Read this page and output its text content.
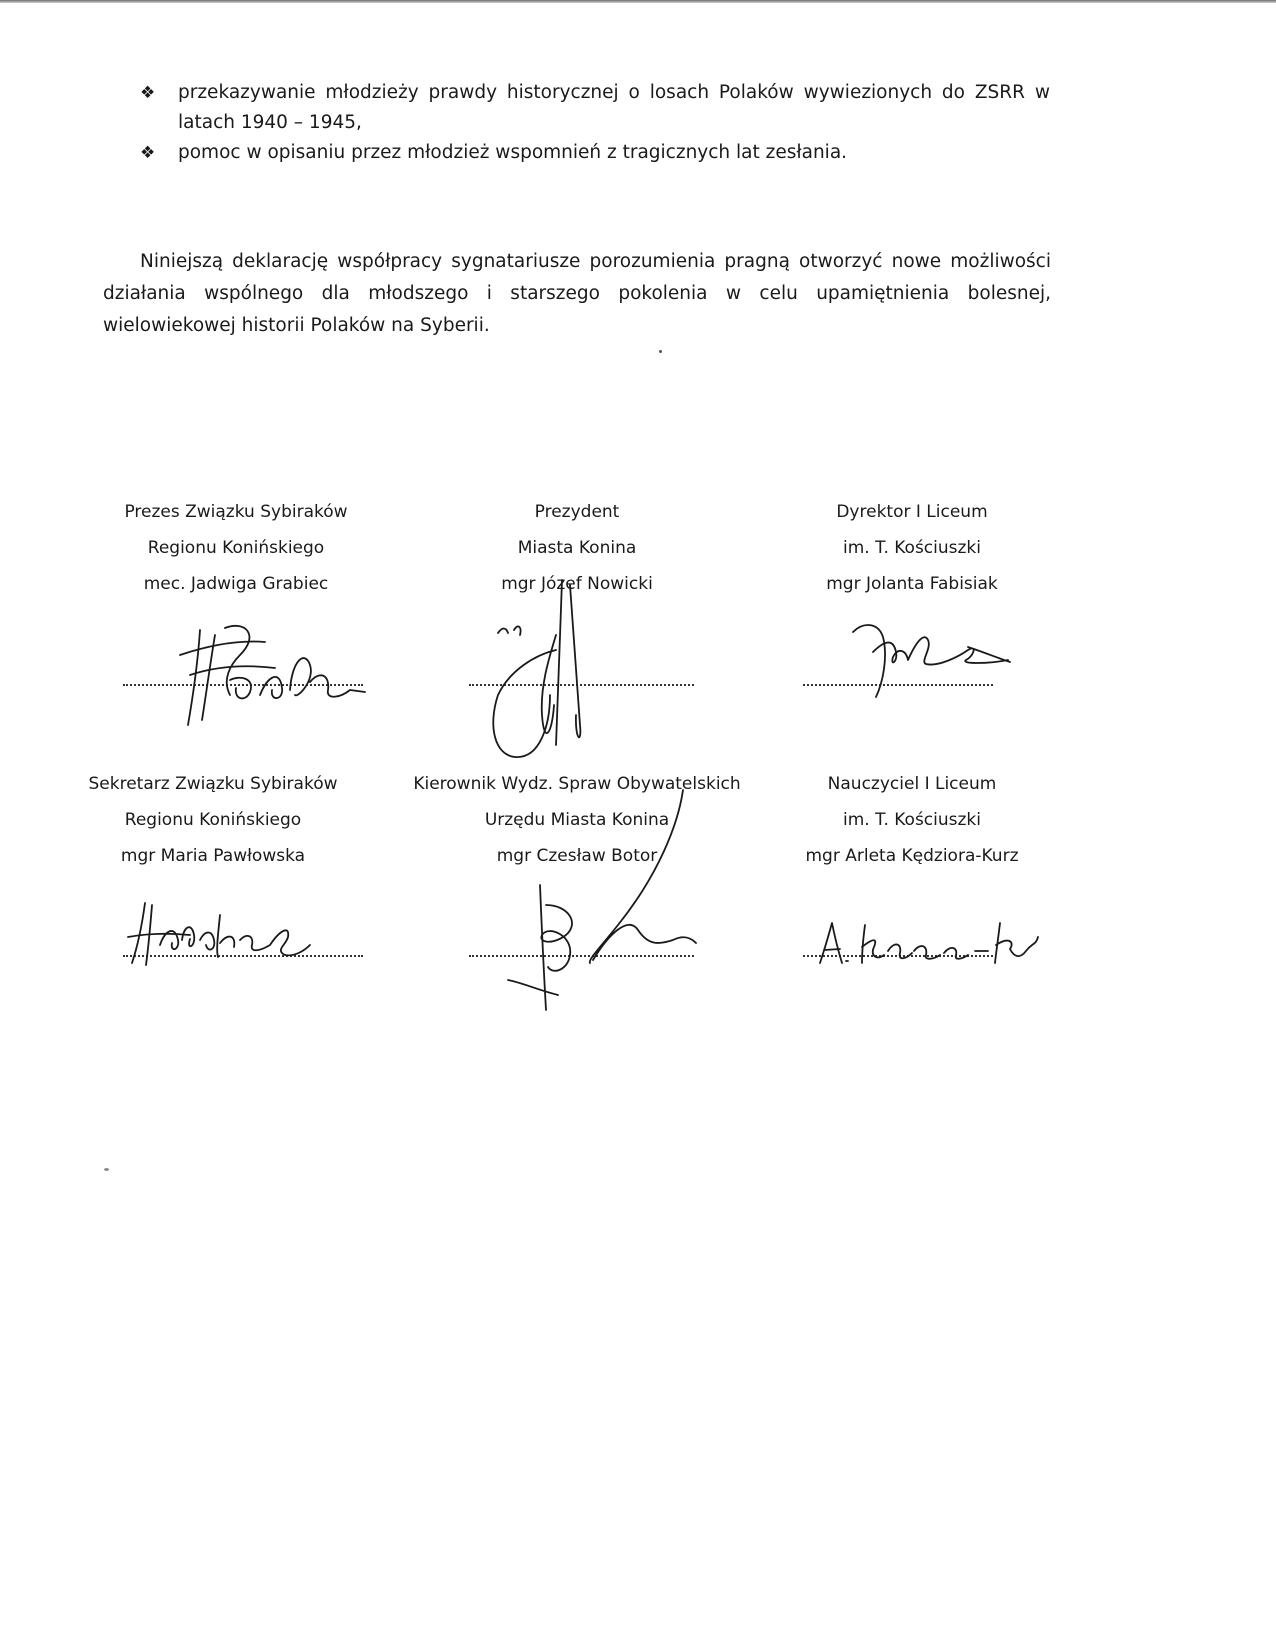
❖ przekazywanie młodzieży prawdy historycznej o losach Polaków wywiezionych do ZSRR w latach 1940 – 1945,
❖ pomoc w opisaniu przez młodzież wspomnień z tragicznych lat zesłania.

Niniejszą deklarację współpracy sygnatariusze porozumienia pragną otworzyć nowe możliwości działania wspólnego dla młodszego i starszego pokolenia w celu upamiętnienia bolesnej, wielowiekowej historii Polaków na Syberii.

Prezes Związku Sybiraków
Regionu Konińskiego
mec. Jadwiga Grabiec
Prezydent
Miasta Konina
mgr Józef Nowicki
Dyrektor I Liceum
im. T. Kościuszki
mgr Jolanta Fabisiak
Sekretarz Związku Sybiraków
Regionu Konińskiego
mgr Maria Pawłowska
Kierownik Wydz. Spraw Obywatelskich
Urzędu Miasta Konina
mgr Czesław Botor
Nauczyciel I Liceum
im. T. Kościuszki
mgr Arleta Kędziora-Kurz
